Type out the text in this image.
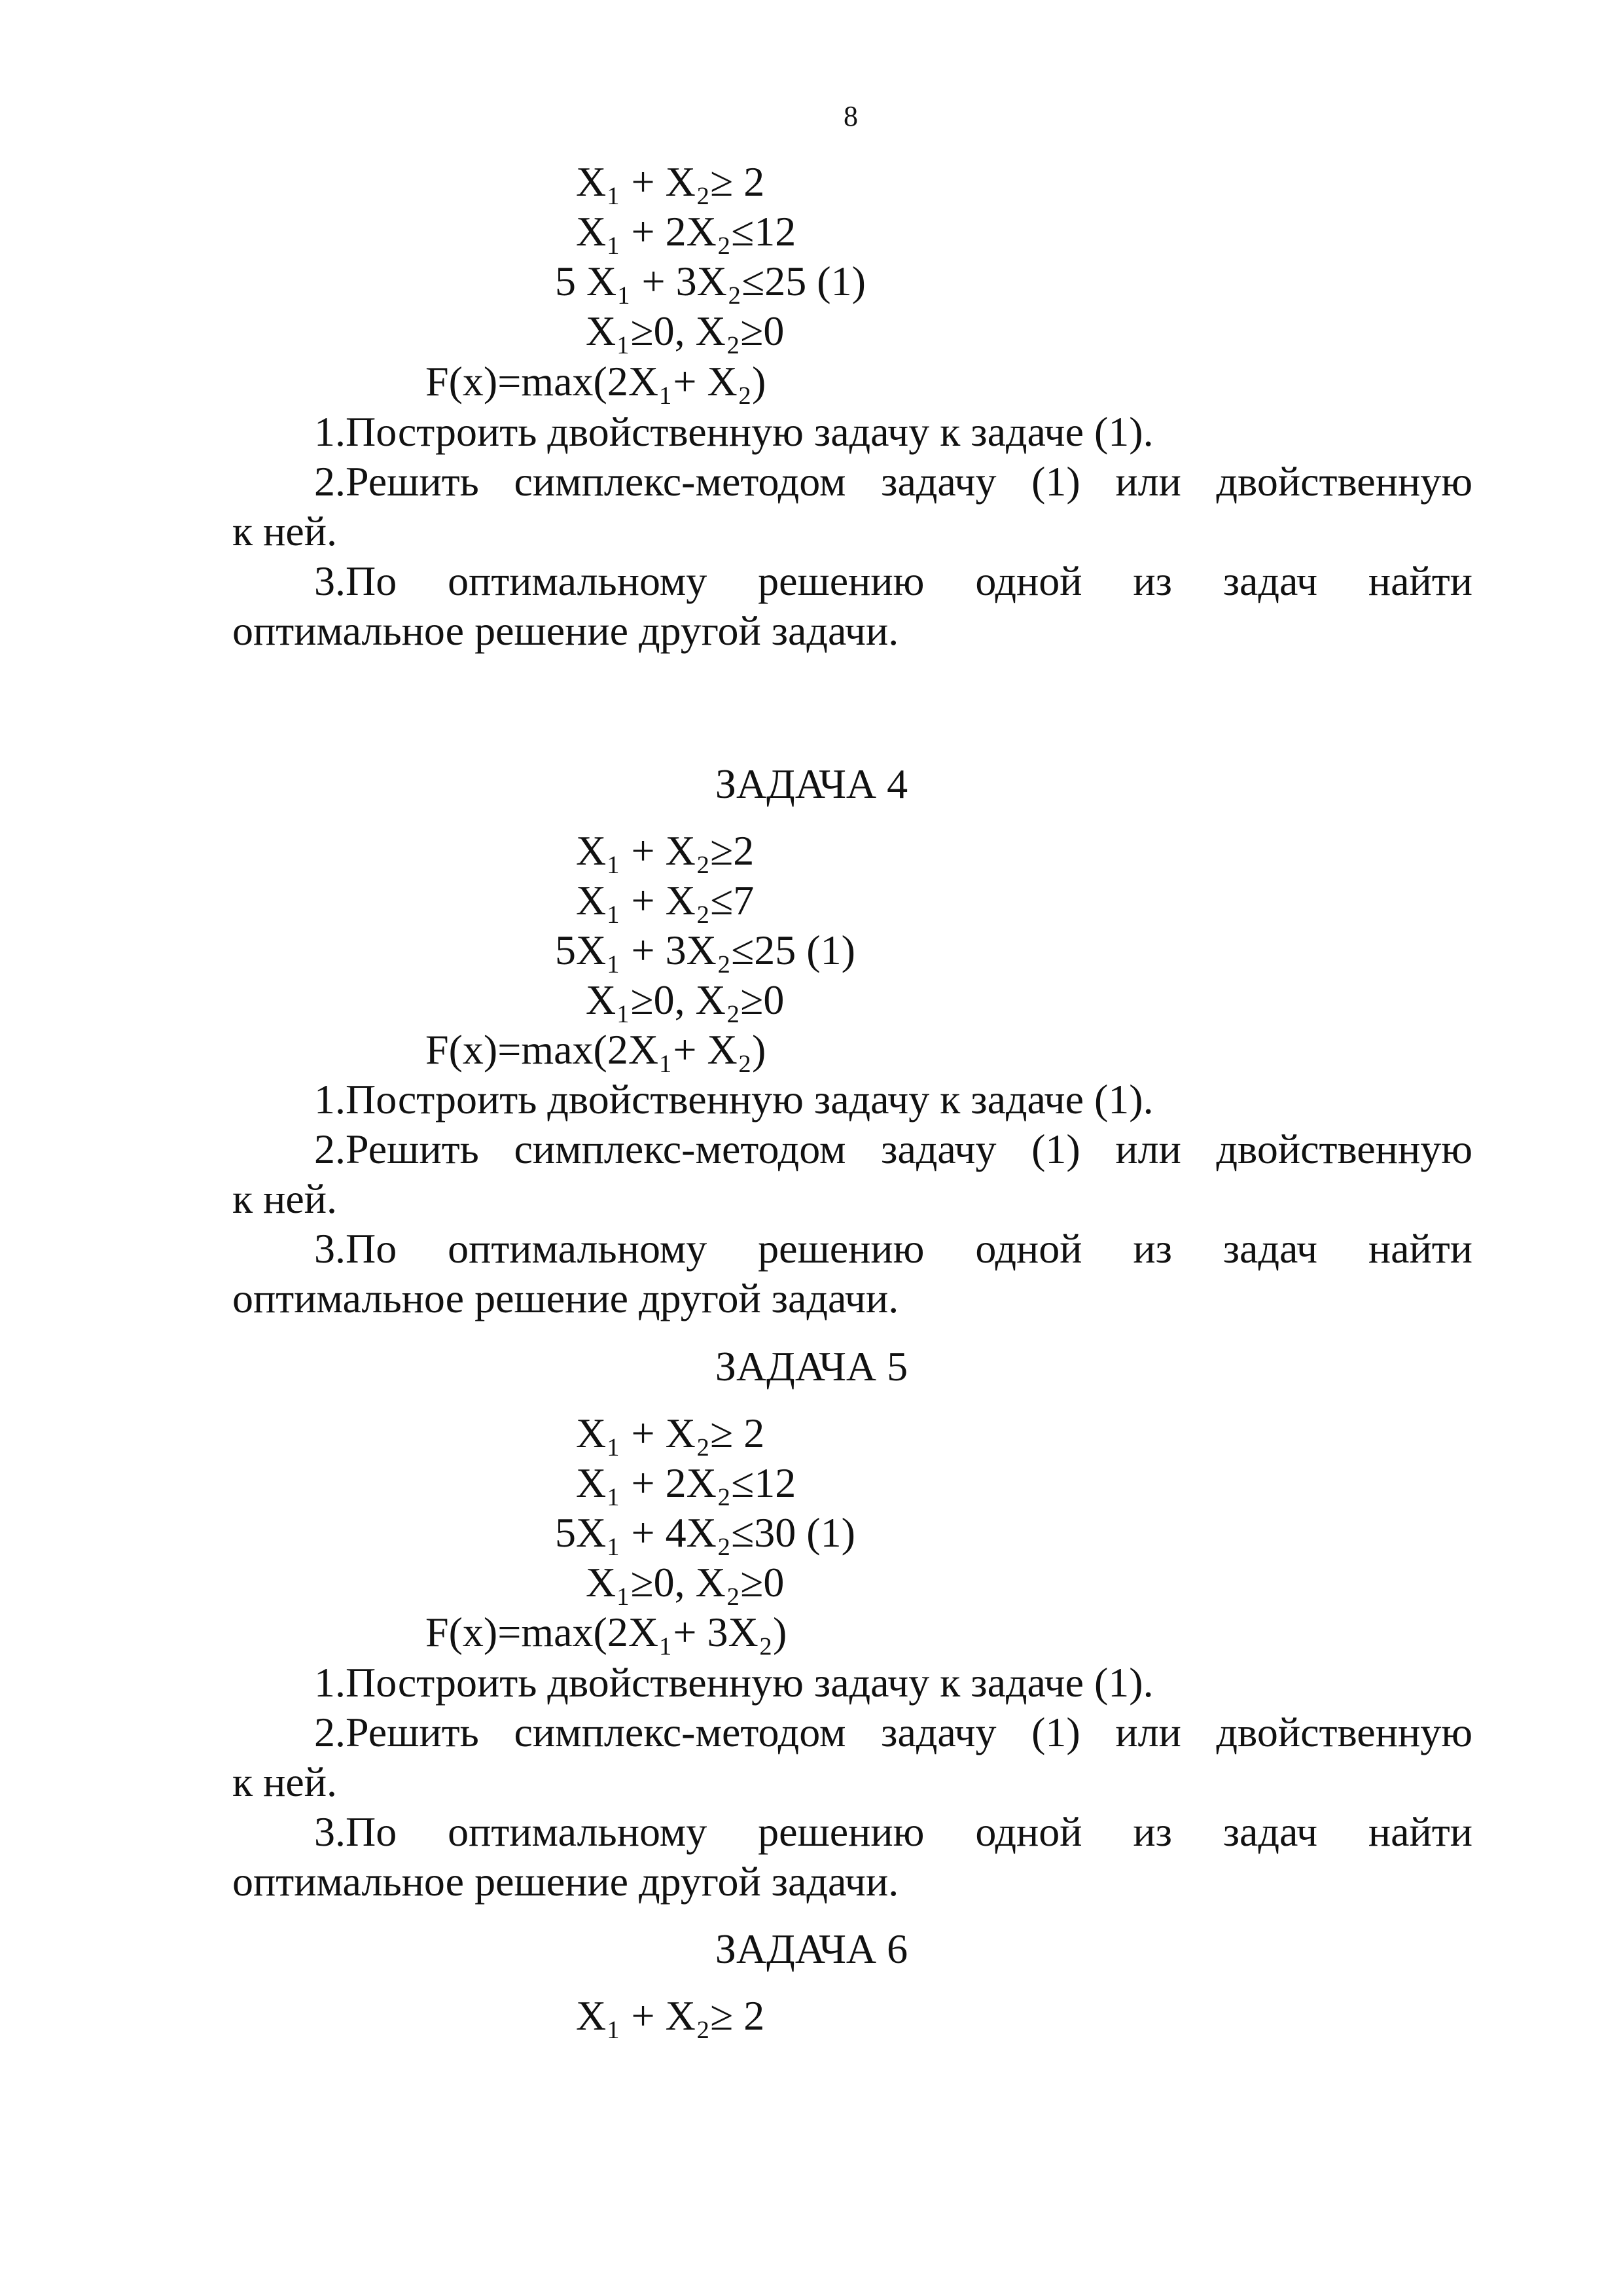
8
X₁ + X₂≥ 2
X₁ + 2X₂≤12
5 X₁ + 3X₂≤25 (1)
X₁≥0, X₂≥0
F(x)=max(2X₁+ X₂)
1.Построить двойственную задачу к задаче (1).
2.Решить симплекс-методом задачу (1) или двойственную
к ней.
3.По оптимальному решению одной из задач найти
оптимальное решение другой задачи.
ЗАДАЧА 4
X₁ + X₂≥2
X₁ + X₂≤7
5X₁ + 3X₂≤25 (1)
X₁≥0, X₂≥0
F(x)=max(2X₁+ X₂)
1.Построить двойственную задачу к задаче (1).
2.Решить симплекс-методом задачу (1) или двойственную
к ней.
3.По оптимальному решению одной из задач найти
оптимальное решение другой задачи.
ЗАДАЧА 5
X₁ + X₂≥ 2
X₁ + 2X₂≤12
5X₁ + 4X₂≤30 (1)
X₁≥0, X₂≥0
F(x)=max(2X₁+ 3X₂)
1.Построить двойственную задачу к задаче (1).
2.Решить симплекс-методом задачу (1) или двойственную
к ней.
3.По оптимальному решению одной из задач найти
оптимальное решение другой задачи.
ЗАДАЧА 6
X₁ + X₂≥ 2
